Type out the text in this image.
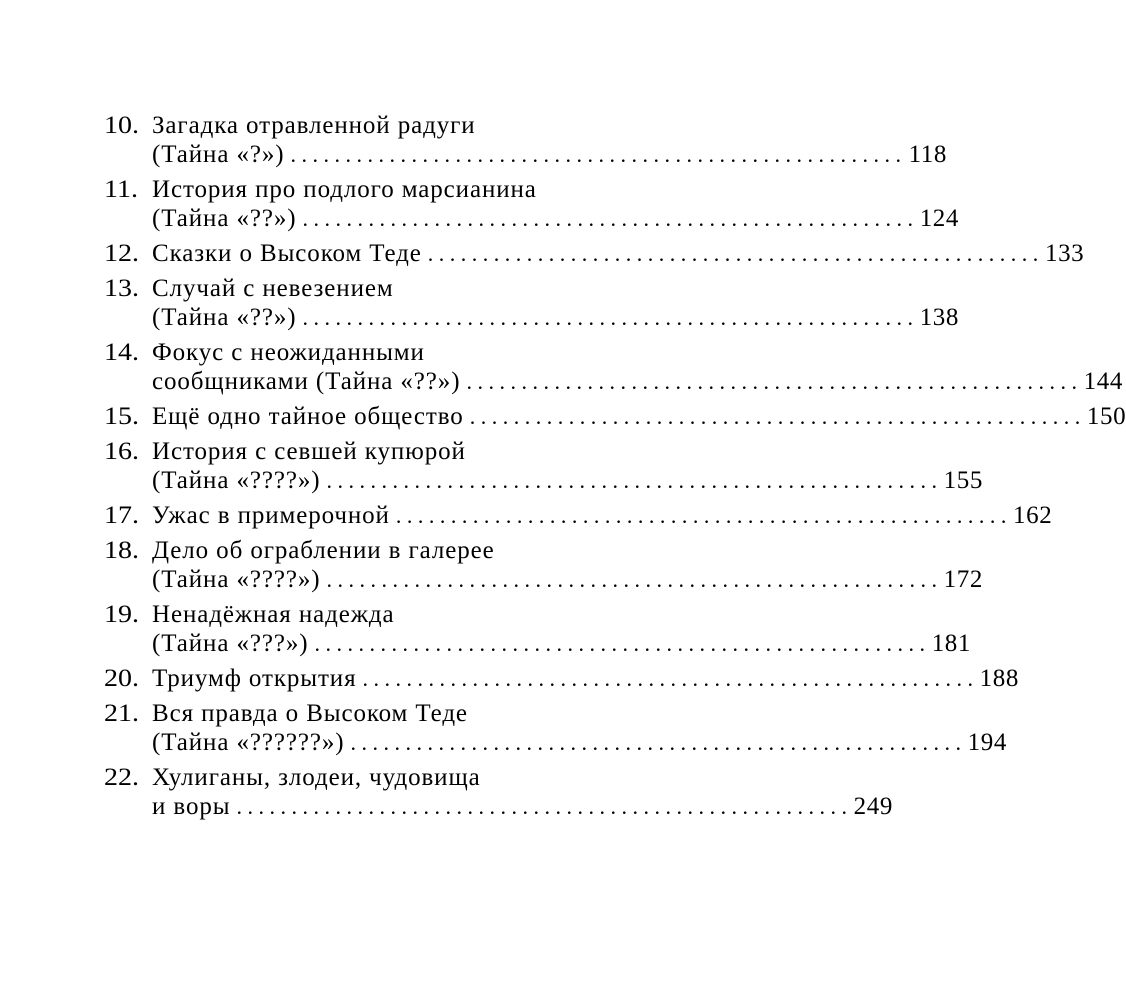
10. Загадка отравленной радуги
(Тайна «?») . . .	118
11. История про подлого марсианина
(Тайна «??») . . .	124
12. Сказки о Высоком Теде . . .	133
13. Случай с невезением
(Тайна «??») . . .	138
14. Фокус с неожиданными
сообщниками (Тайна «??») . . .	144
15. Ещё одно тайное общество . . .	150
16. История с севшей купюрой
(Тайна «????») . . .	155
17. Ужас в примерочной . . .	162
18. Дело об ограблении в галерее
(Тайна «????») . . .	172
19. Ненадёжная надежда
(Тайна «???») . . .	181
20. Триумф открытия . . .	188
21. Вся правда о Высоком Теде
(Тайна «??????») . . .	194
22. Хулиганы, злодеи, чудовища
и воры . . .	249
